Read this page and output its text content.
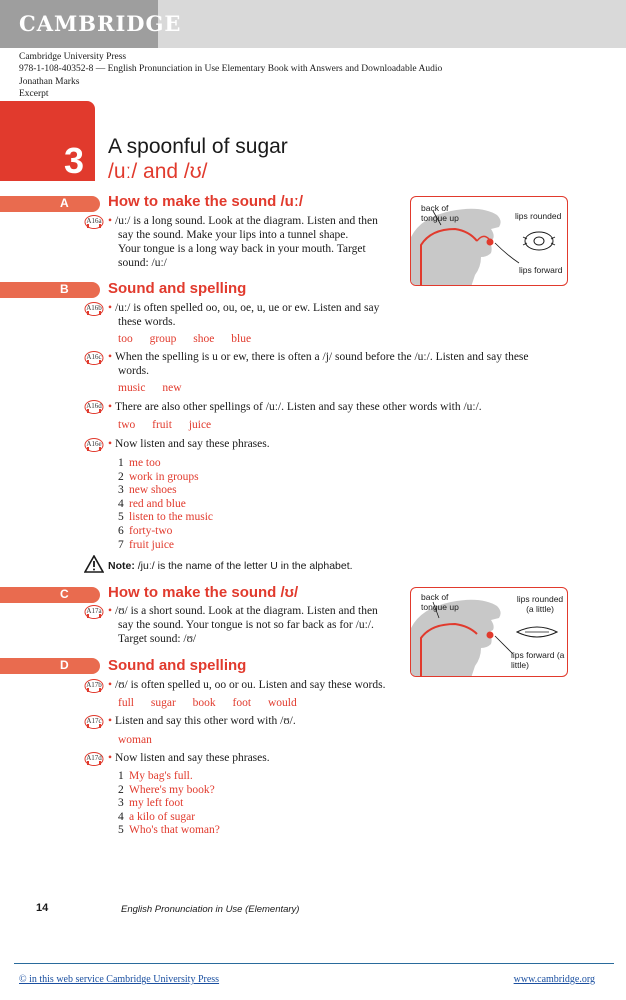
CAMBRIDGE
Cambridge University Press
978-1-108-40352-8 — English Pronunciation in Use Elementary Book with Answers and Downloadable Audio
Jonathan Marks
Excerpt
3 A spoonful of sugar
/uː/ and /ʊ/
A	How to make the sound /uː/
A16a • /uː/ is a long sound. Look at the diagram. Listen and then
say the sound. Make your lips into a tunnel shape.
Your tongue is a long way back in your mouth. Target
sound: /uː/
back of tongue up	lips rounded
lips forward
B	Sound and spelling
A16b • /uː/ is often spelled oo, ou, oe, u, ue or ew. Listen and say
these words.
too group shoe blue
A16c • When the spelling is u or ew, there is often a /j/ sound before the /uː/. Listen and say these
words.
music new
A16d • There are also other spellings of /uː/. Listen and say these other words with /uː/.
two fruit juice
A16e • Now listen and say these phrases.
1 me too
2 work in groups
3 new shoes
4 red and blue
5 listen to the music
6 forty-two
7 fruit juice
Note: /juː/ is the name of the letter U in the alphabet.
C	How to make the sound /ʊ/
A17a • /ʊ/ is a short sound. Look at the diagram. Listen and then
say the sound. Your tongue is not so far back as for /uː/.
Target sound: /ʊ/
back of tongue up
lips rounded (a little)
lips forward (a little)
D	Sound and spelling
A17b • /ʊ/ is often spelled u, oo or ou. Listen and say these words.
full sugar book foot would
A17c • Listen and say this other word with /ʊ/.
woman
A17d • Now listen and say these phrases.
1 My bag's full.
2 Where's my book?
3 my left foot
4 a kilo of sugar
5 Who's that woman?
14	English Pronunciation in Use (Elementary)
© in this web service Cambridge University Press	www.cambridge.org
